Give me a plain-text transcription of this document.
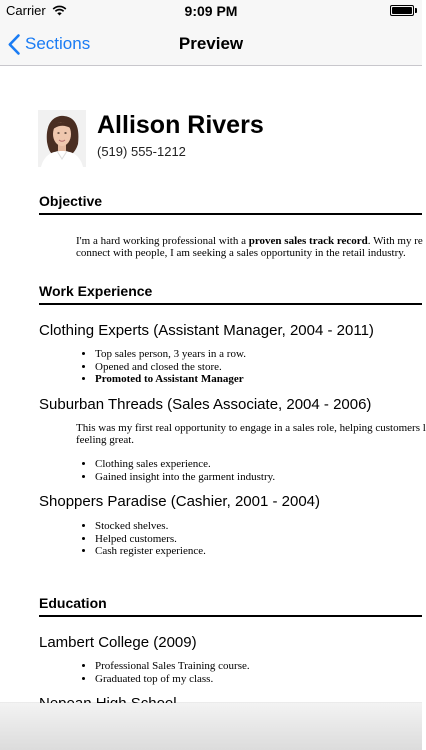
Carrier	9:09 PM
Sections	Preview
Allison Rivers
(519) 555-1212
Objective
I'm a hard working professional with a proven sales track record. With my re
connect with people, I am seeking a sales opportunity in the retail industry.
Work Experience
Clothing Experts (Assistant Manager, 2004 - 2011)
• Top sales person, 3 years in a row.
• Opened and closed the store.
• Promoted to Assistant Manager
Suburban Threads (Sales Associate, 2004 - 2006)
This was my first real opportunity to engage in a sales role, helping customers l
feeling great.
• Clothing sales experience.
• Gained insight into the garment industry.
Shoppers Paradise (Cashier, 2001 - 2004)
• Stocked shelves.
• Helped customers.
• Cash register experience.
Education
Lambert College (2009)
• Professional Sales Training course.
• Graduated top of my class.
